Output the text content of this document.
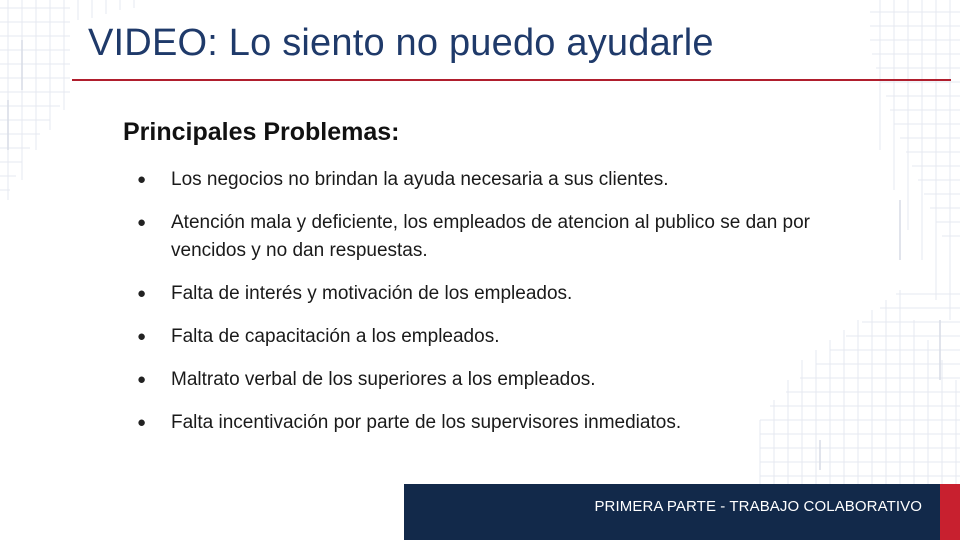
VIDEO: Lo siento no puedo ayudarle
Principales Problemas:
● Los negocios no brindan la ayuda necesaria a sus clientes.
● Atención mala y deficiente, los empleados de atencion al publico se dan por vencidos y no dan respuestas.
● Falta de interés y motivación de los empleados.
● Falta de capacitación a los empleados.
● Maltrato verbal de los superiores a los empleados.
● Falta incentivación por parte de los supervisores inmediatos.
PRIMERA PARTE - TRABAJO COLABORATIVO
